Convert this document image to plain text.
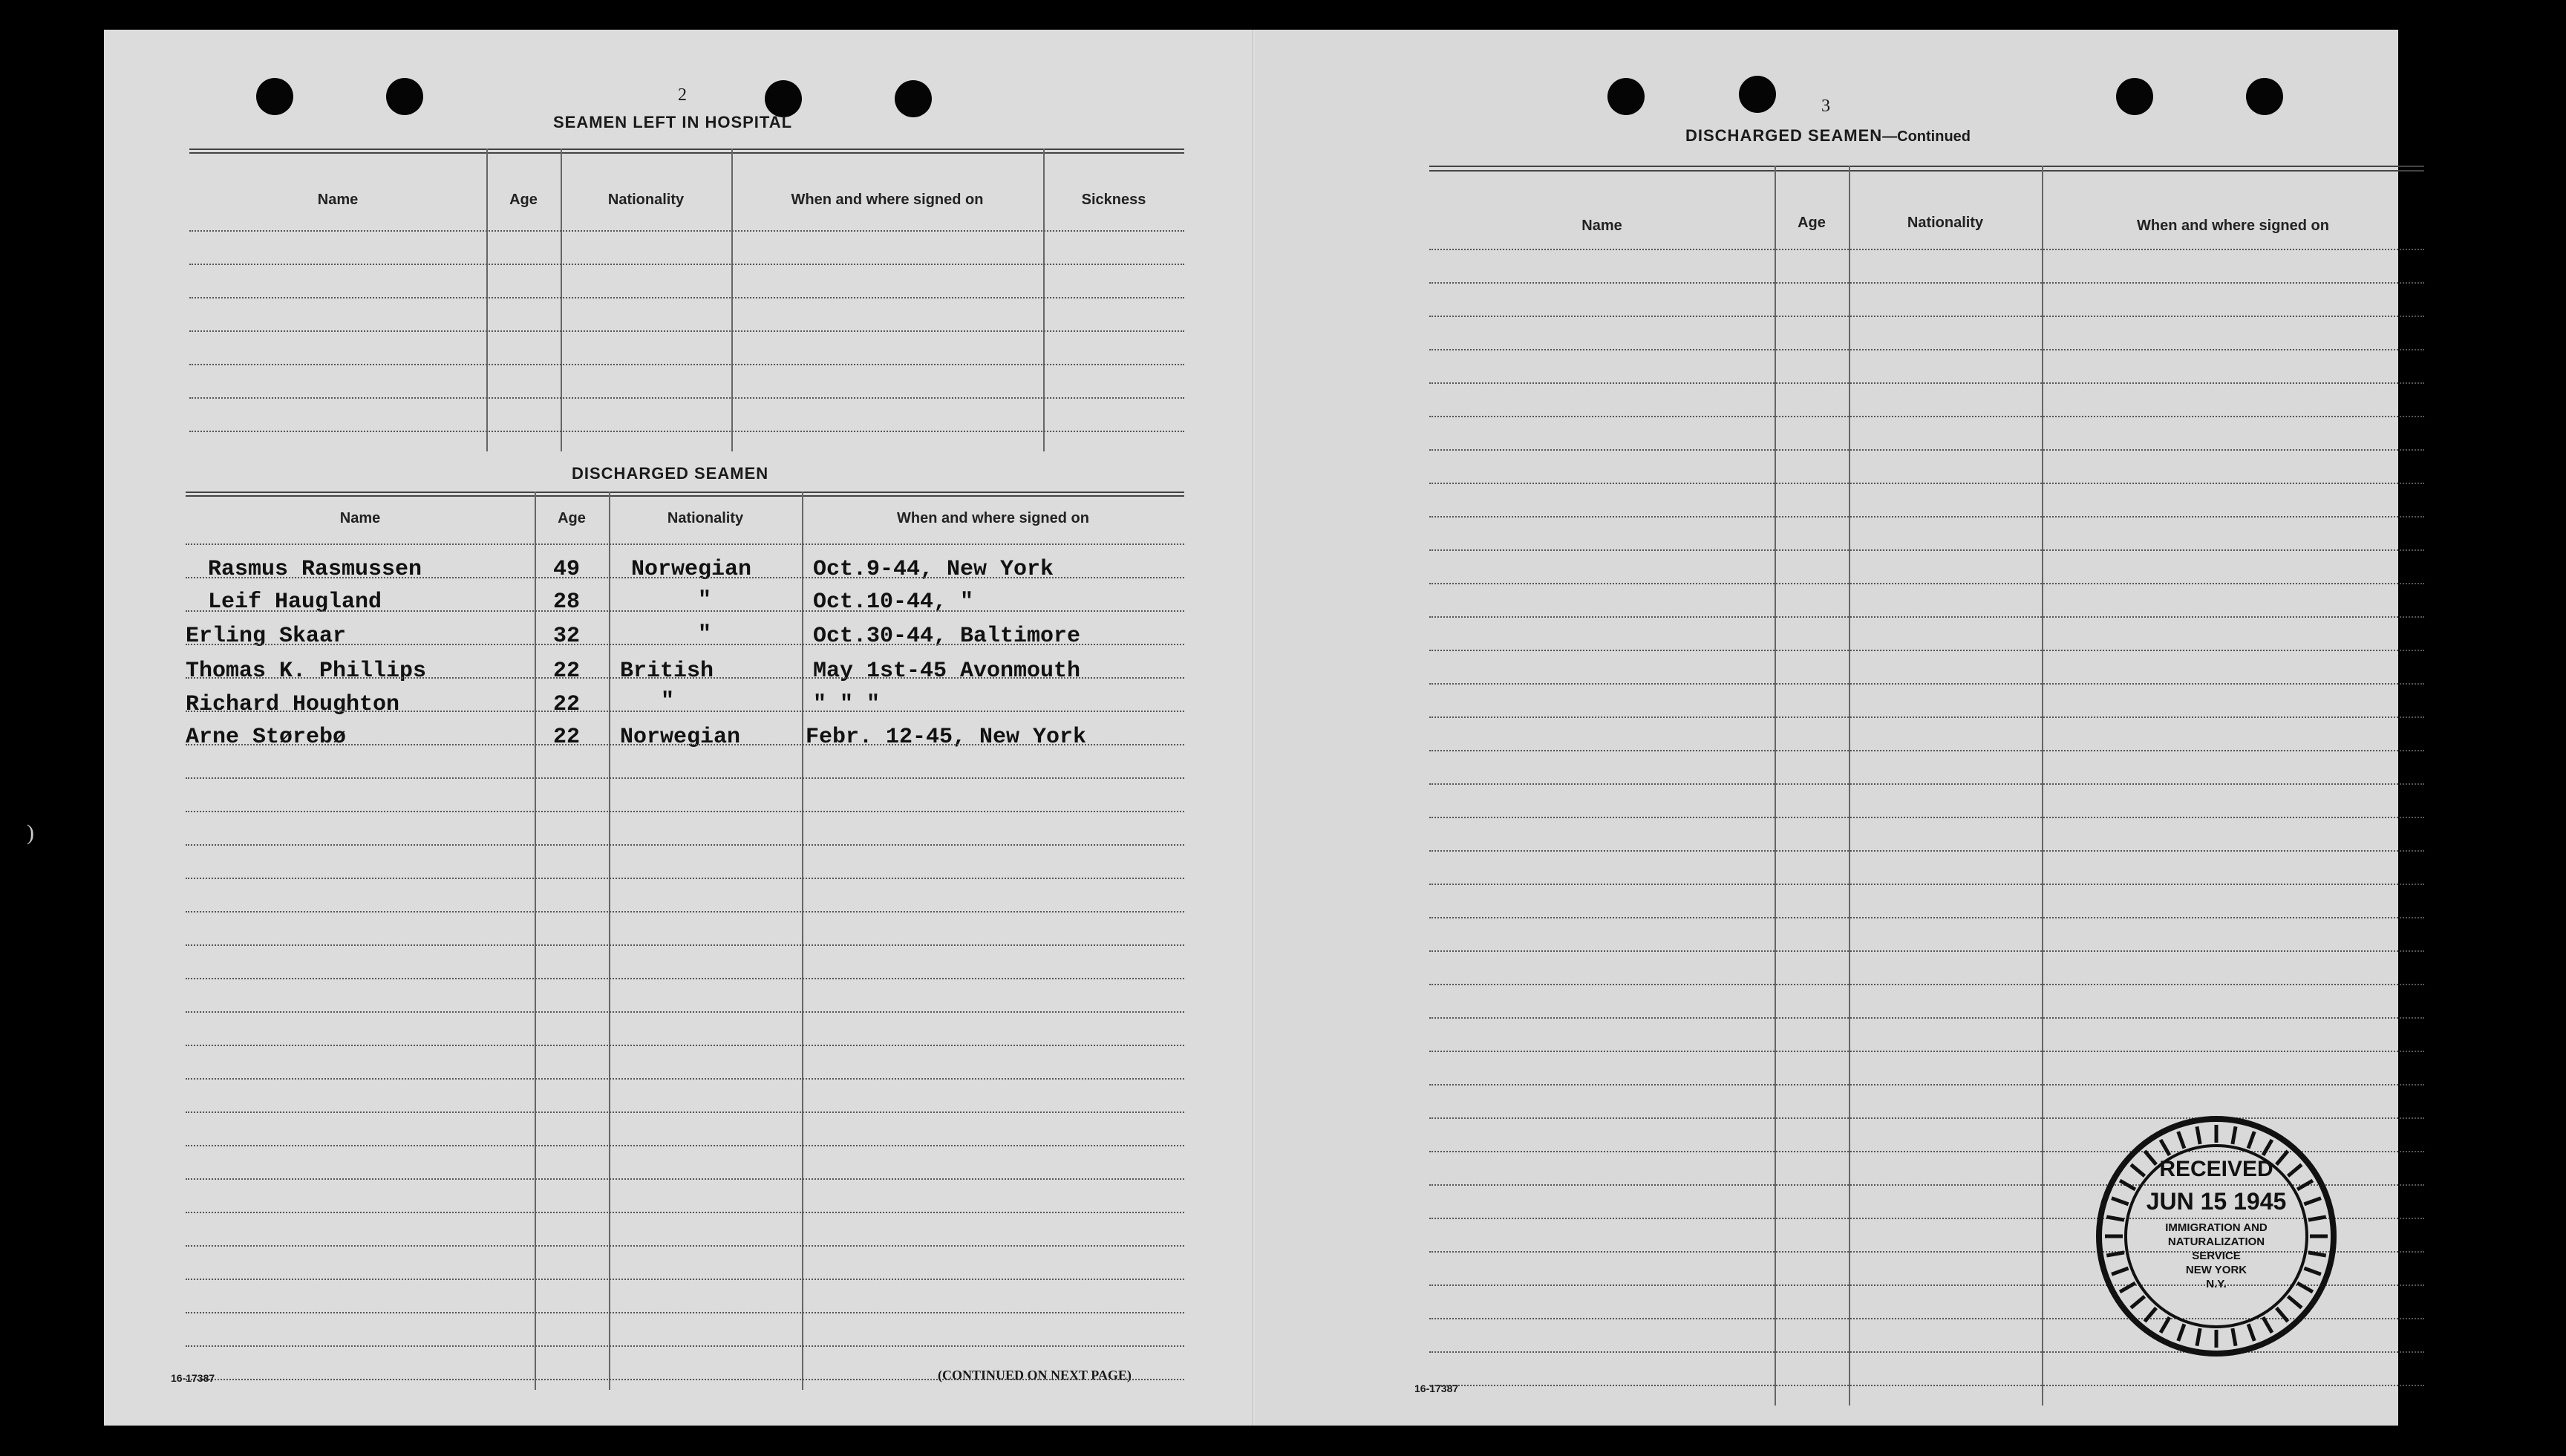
)
2
SEAMEN LEFT IN HOSPITAL
Name	Age	Nationality	When and where signed on	Sickness
DISCHARGED SEAMEN
Name	Age	Nationality	When and where signed on
Rasmus Rasmussen	49 Norwegian	Oct.9-44, New York
Leif Haugland	28	"	Oct.10-44, "
Erling Skaar	32	"	Oct.30-44, Baltimore
Thomas K. Phillips	22 British	May 1st-45 Avonmouth
Richard Houghton	22	"	" " "
Arne Størebø	22 Norwegian	Febr. 12-45, New York
16-17387	(CONTINUED ON NEXT PAGE)
3
DISCHARGED SEAMEN—Continued
Name	Age	Nationality	When and where signed on
16-17387
RECEIVED
JUN 15 1945
IMMIGRATION AND
NATURALIZATION
SERVICE
NEW YORK
N.Y.
